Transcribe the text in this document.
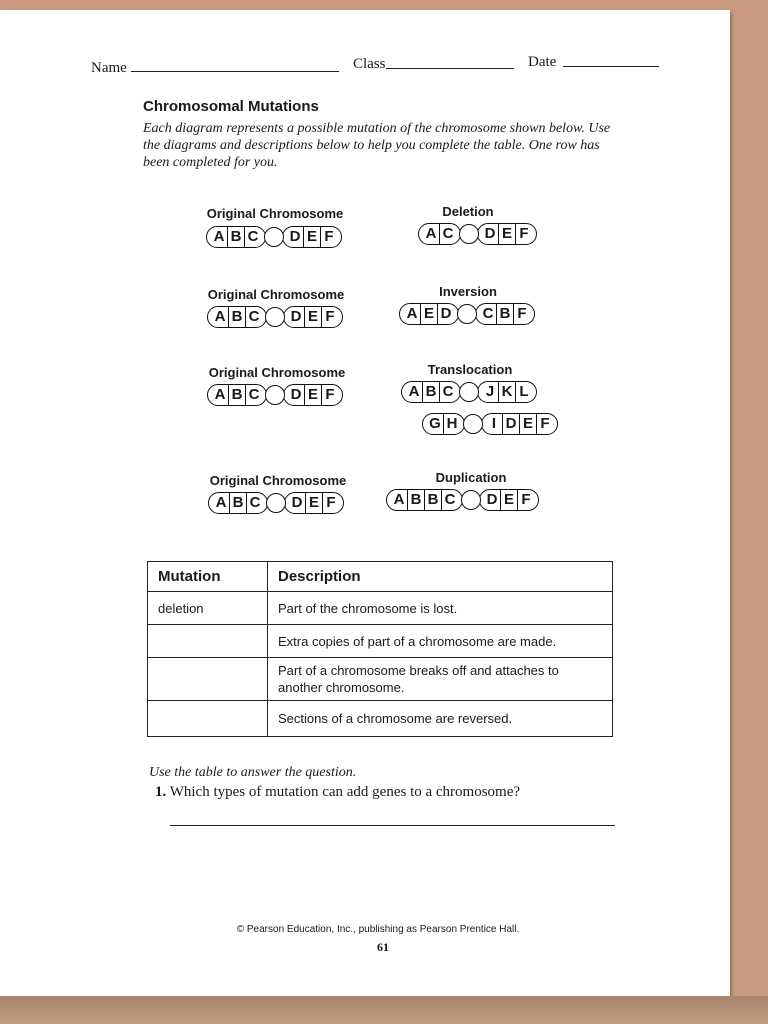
Name	Class	Date
Chromosomal Mutations
Each diagram represents a possible mutation of the chromosome shown below. Use the diagrams and descriptions below to help you complete the table. One row has been completed for you.
Original Chromosome	Deletion
Original Chromosome	Inversion
Original Chromosome	Translocation
Original Chromosome	Duplication
A B C	D E F	A C	D E F
A B C	D E F	A E D	C B F
A B C	D E F	A B C	J K L
G H	I D E F
A B C	D E F	A B B C	D E F
Mutation	Description
deletion	Part of the chromosome is lost.
	Extra copies of part of a chromosome are made.
	Part of a chromosome breaks off and attaches to another chromosome.
	Sections of a chromosome are reversed.
Use the table to answer the question.
1. Which types of mutation can add genes to a chromosome?
© Pearson Education, Inc., publishing as Pearson Prentice Hall.
61
